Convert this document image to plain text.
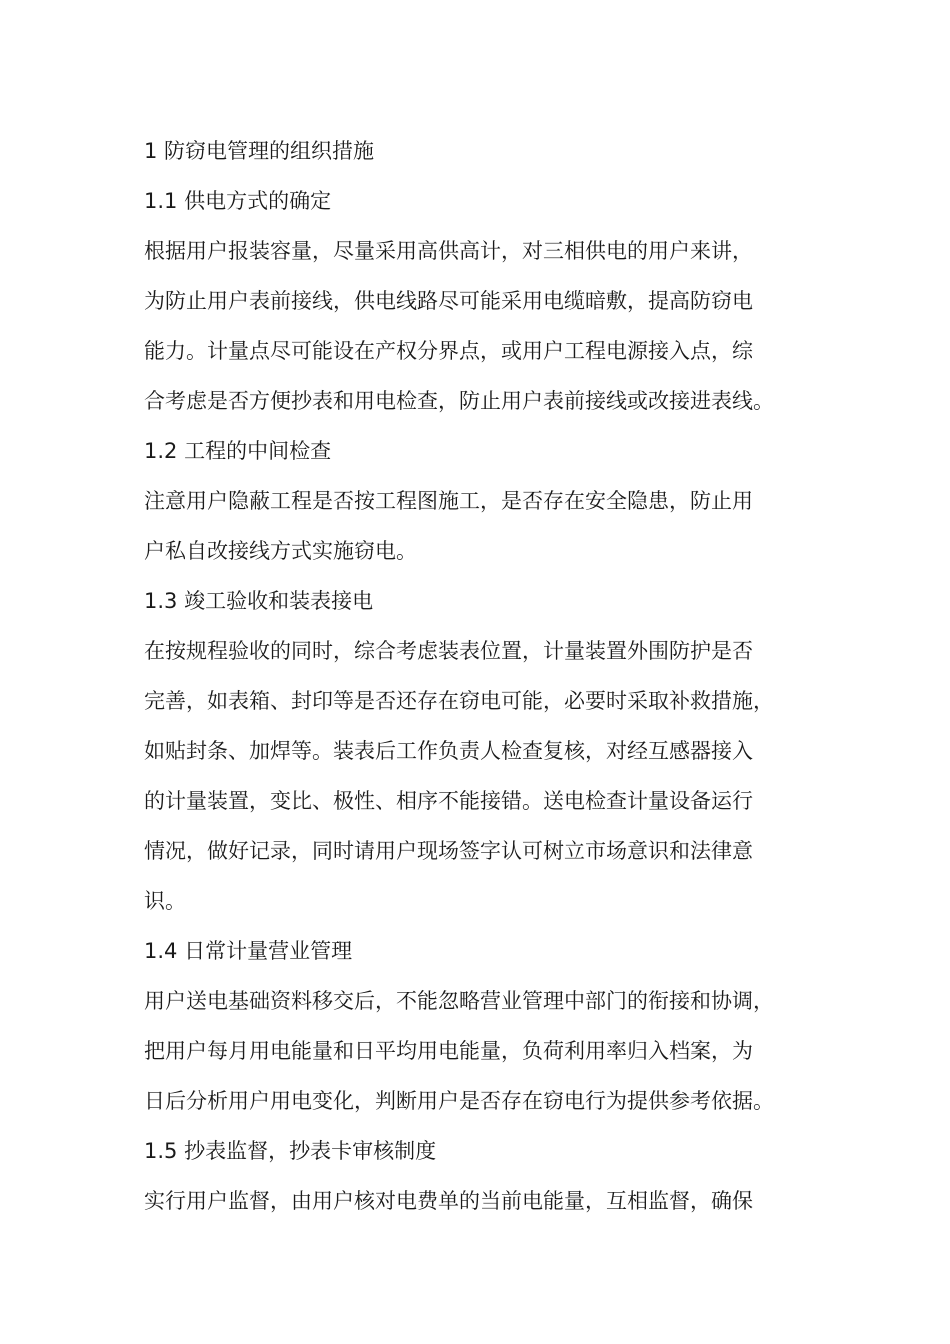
1 防窃电管理的组织措施
1.1 供电方式的确定
根据用户报装容量，尽量采用高供高计，对三相供电的用户来讲，
为防止用户表前接线，供电线路尽可能采用电缆暗敷，提高防窃电
能力。计量点尽可能设在产权分界点，或用户工程电源接入点，综
合考虑是否方便抄表和用电检查，防止用户表前接线或改接进表线。
1.2 工程的中间检查
注意用户隐蔽工程是否按工程图施工，是否存在安全隐患，防止用
户私自改接线方式实施窃电。
1.3 竣工验收和装表接电
在按规程验收的同时，综合考虑装表位置，计量装置外围防护是否
完善，如表箱、封印等是否还存在窃电可能，必要时采取补救措施，
如贴封条、加焊等。装表后工作负责人检查复核，对经互感器接入
的计量装置，变比、极性、相序不能接错。送电检查计量设备运行
情况，做好记录，同时请用户现场签字认可树立市场意识和法律意
识。
1.4 日常计量营业管理
用户送电基础资料移交后，不能忽略营业管理中部门的衔接和协调，
把用户每月用电能量和日平均用电能量，负荷利用率归入档案，为
日后分析用户用电变化，判断用户是否存在窃电行为提供参考依据。
1.5 抄表监督，抄表卡审核制度
实行用户监督，由用户核对电费单的当前电能量，互相监督，确保
